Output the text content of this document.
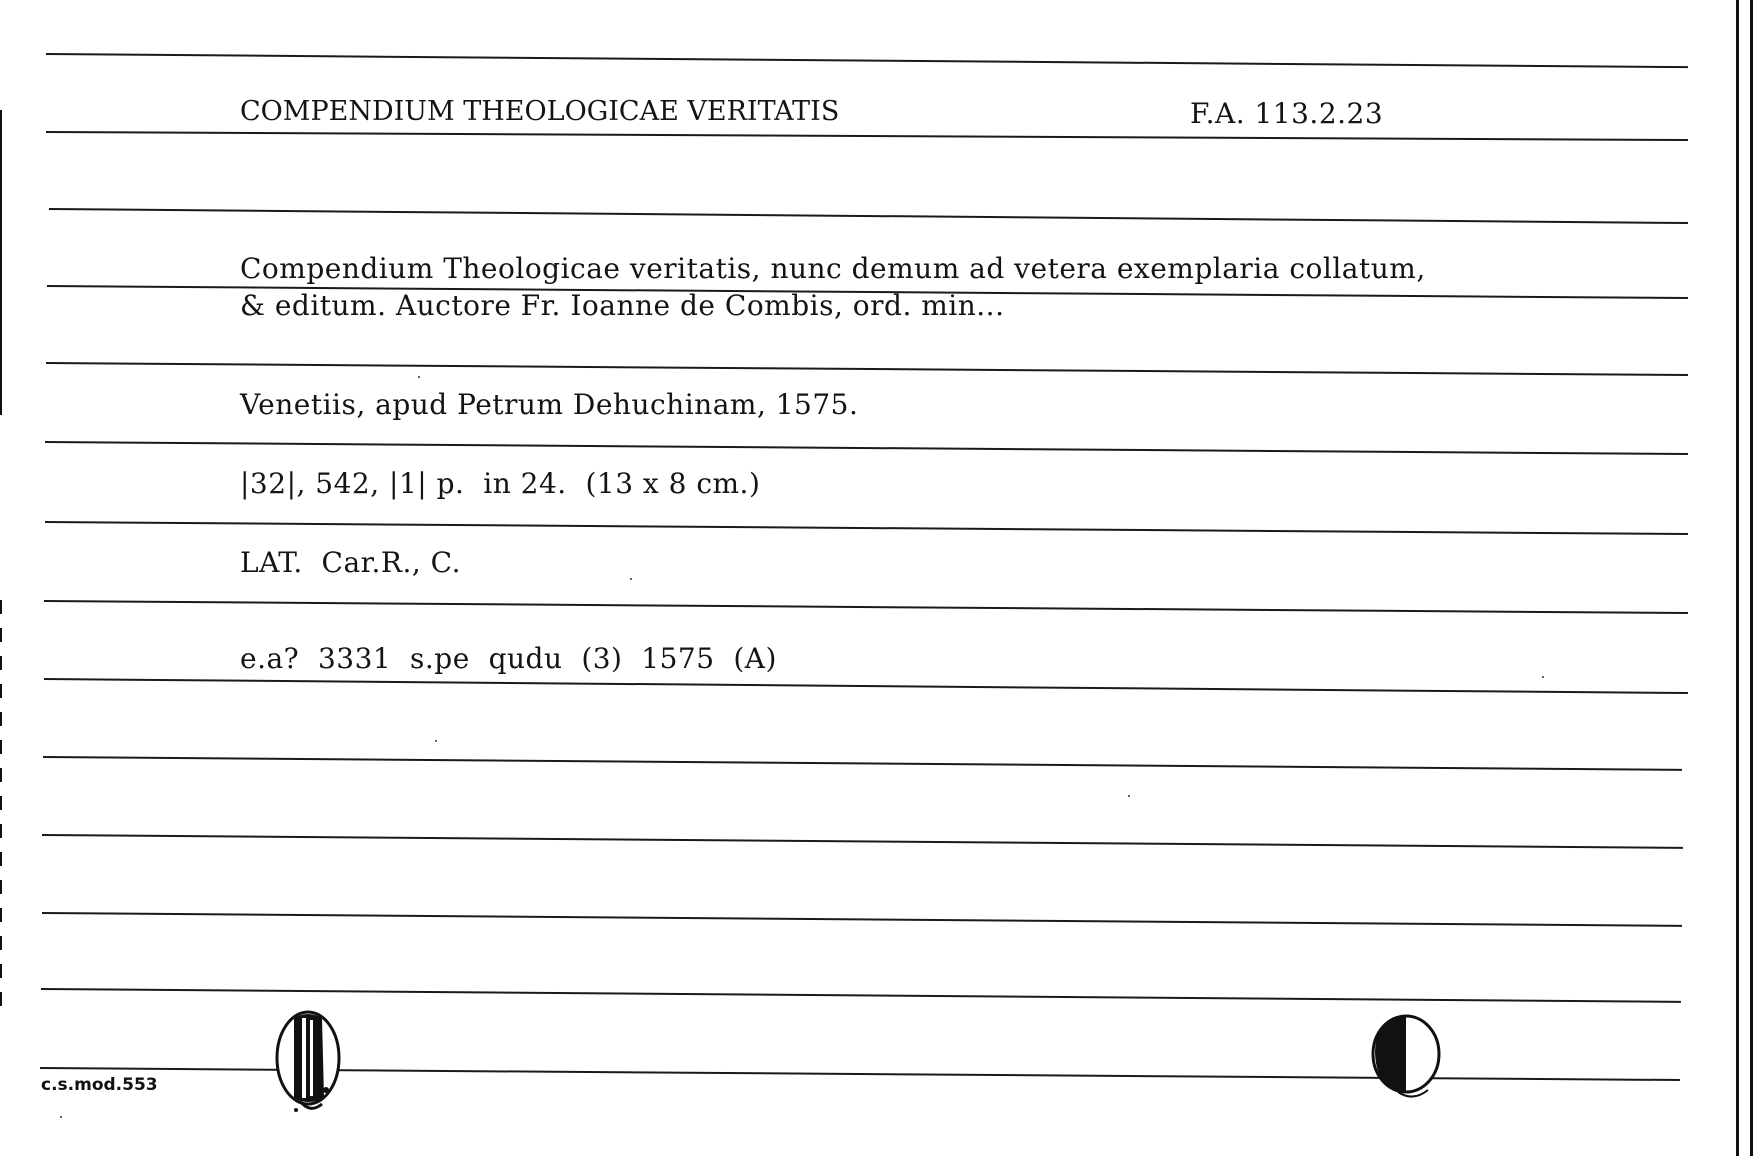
COMPENDIUM THEOLOGICAE VERITATIS	F.A. 113.2.23
Compendium Theologicae veritatis, nunc demum ad vetera exemplaria collatum,
& editum. Auctore Fr. Ioanne de Combis, ord. min...
Venetiis, apud Petrum Dehuchinam, 1575.
|32|, 542, |1| p.  in 24.  (13 x 8 cm.)
LAT.  Car.R., C.
e.a?  3331  s.pe  qudu  (3)  1575  (A)
c.s.mod.553
